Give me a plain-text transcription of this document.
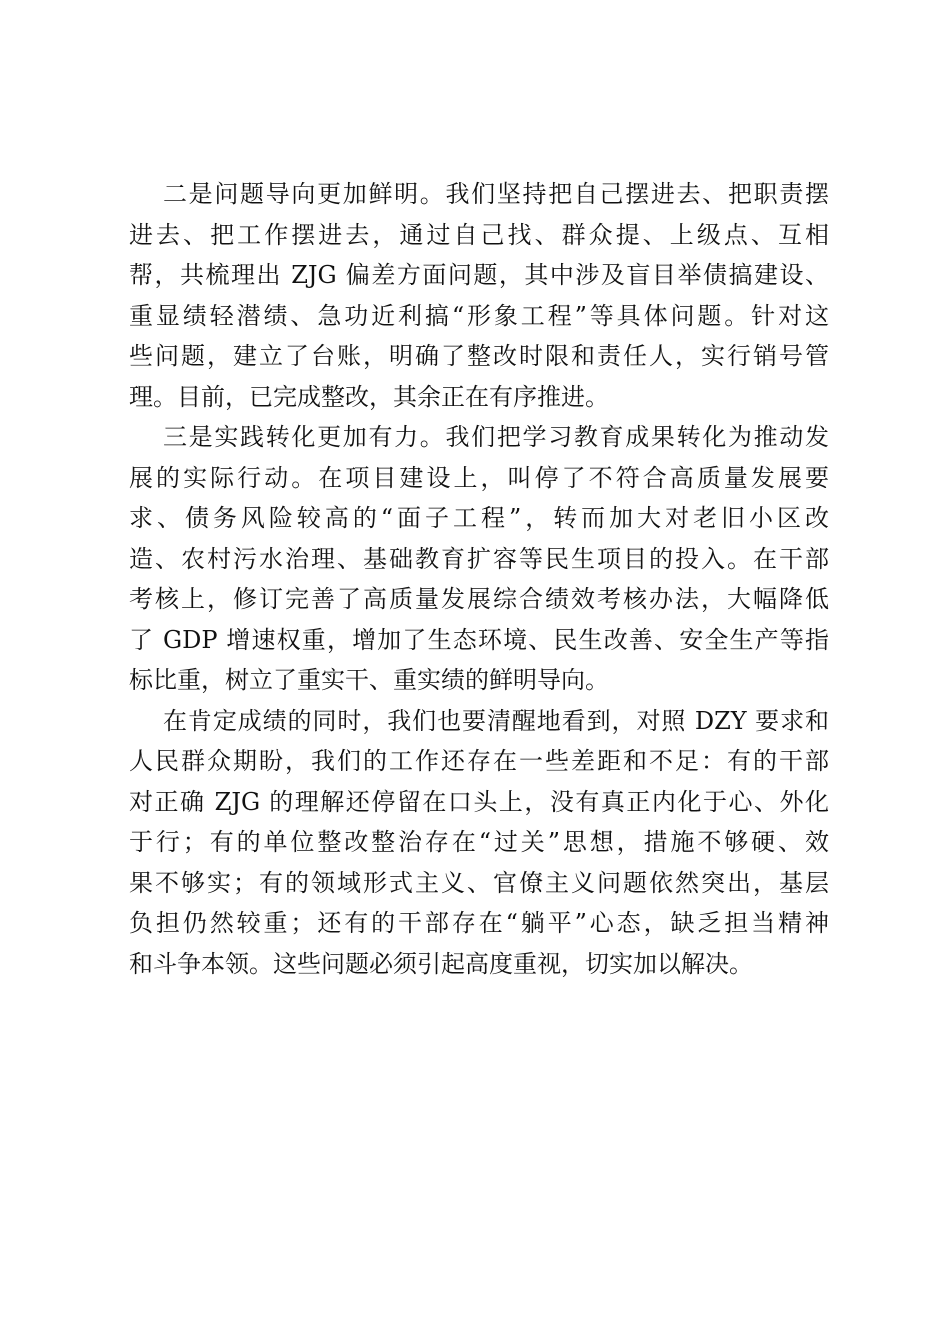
二是问题导向更加鲜明。我们坚持把自己摆进去、把职责摆
进去、把工作摆进去，通过自己找、群众提、上级点、互相
帮，共梳理出 ZJG 偏差方面问题，其中涉及盲目举债搞建设、
重显绩轻潜绩、急功近利搞“形象工程”等具体问题。针对这
些问题，建立了台账，明确了整改时限和责任人，实行销号管
理。目前，已完成整改，其余正在有序推进。
三是实践转化更加有力。我们把学习教育成果转化为推动发
展的实际行动。在项目建设上，叫停了不符合高质量发展要
求、债务风险较高的“面子工程”，转而加大对老旧小区改
造、农村污水治理、基础教育扩容等民生项目的投入。在干部
考核上，修订完善了高质量发展综合绩效考核办法，大幅降低
了 GDP 增速权重，增加了生态环境、民生改善、安全生产等指
标比重，树立了重实干、重实绩的鲜明导向。
在肯定成绩的同时，我们也要清醒地看到，对照 DZY 要求和
人民群众期盼，我们的工作还存在一些差距和不足：有的干部
对正确 ZJG 的理解还停留在口头上，没有真正内化于心、外化
于行；有的单位整改整治存在“过关”思想，措施不够硬、效
果不够实；有的领域形式主义、官僚主义问题依然突出，基层
负担仍然较重；还有的干部存在“躺平”心态，缺乏担当精神
和斗争本领。这些问题必须引起高度重视，切实加以解决。
